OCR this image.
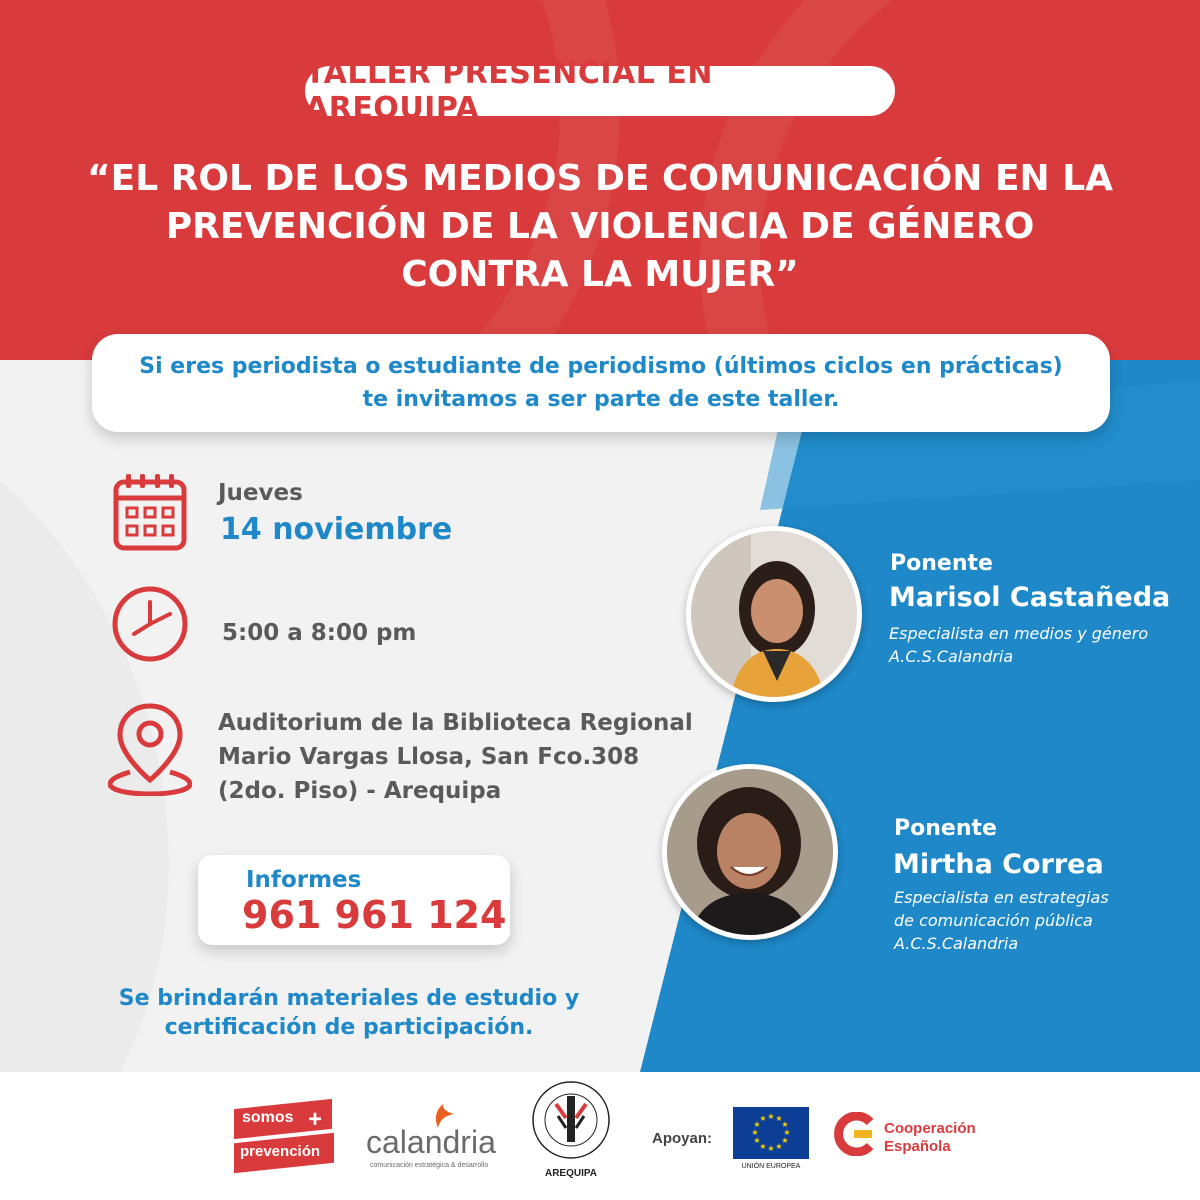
TALLER PRESENCIAL EN AREQUIPA
“EL ROL DE LOS MEDIOS DE COMUNICACIÓN EN LA
PREVENCIÓN DE LA VIOLENCIA DE GÉNERO
CONTRA LA MUJER”
Si eres periodista o estudiante de periodismo (últimos ciclos en prácticas)
te invitamos a ser parte de este taller.
Jueves
14 noviembre
5:00 a 8:00 pm
Auditorium de la Biblioteca Regional
Mario Vargas Llosa, San Fco.308
(2do. Piso) - Arequipa
Informes
961 961 124
Se brindarán materiales de estudio y
certificación de participación.
Ponente
Marisol Castañeda
Especialista en medios y género
A.C.S.Calandria
Ponente
Mirtha Correa
Especialista en estrategias
de comunicación pública
A.C.S.Calandria
somos +
prevención calandria
comunicación estratégica & desarrollo
AREQUIPA
Apoyan:
★ ★
★
★
★
★
★
★
★
★
★
★
UNIÓN EUROPEA
Cooperación
Española
